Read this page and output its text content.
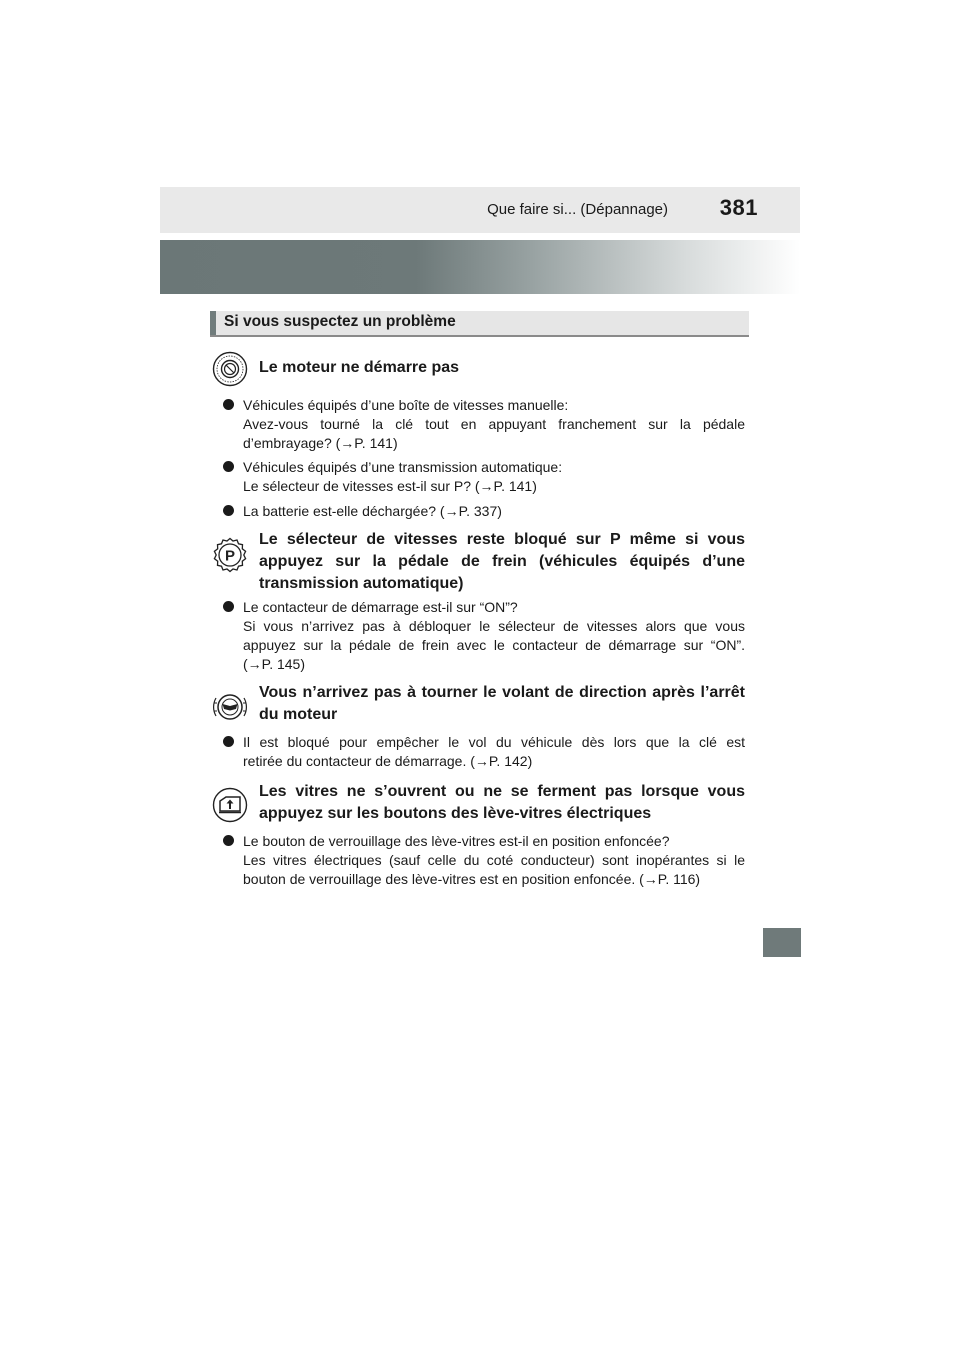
Que faire si... (Dépannage) 381
Si vous suspectez un problème
Le moteur ne démarre pas
Véhicules équipés d’une boîte de vitesses manuelle:
Avez-vous tourné la clé tout en appuyant franchement sur la pédale
d’embrayage? (→P. 141)
Véhicules équipés d’une transmission automatique:
Le sélecteur de vitesses est-il sur P? (→P. 141)
La batterie est-elle déchargée? (→P. 337)
P
Le sélecteur de vitesses reste bloqué sur P même si vous appuyez sur la pédale de frein (véhicules équipés d’une transmission automatique)
Le contacteur de démarrage est-il sur “ON”?
Si vous n’arrivez pas à débloquer le sélecteur de vitesses alors que vous
appuyez sur la pédale de frein avec le contacteur de démarrage sur “ON”.
(→P. 145)
Vous n’arrivez pas à tourner le volant de direction après l’arrêt du moteur
Il est bloqué pour empêcher le vol du véhicule dès lors que la clé est
retirée du contacteur de démarrage. (→P. 142)
Les vitres ne s’ouvrent ou ne se ferment pas lorsque vous appuyez sur les boutons des lève-vitres électriques
Le bouton de verrouillage des lève-vitres est-il en position enfoncée?
Les vitres électriques (sauf celle du coté conducteur) sont inopérantes si le
bouton de verrouillage des lève-vitres est en position enfoncée. (→P. 116)
